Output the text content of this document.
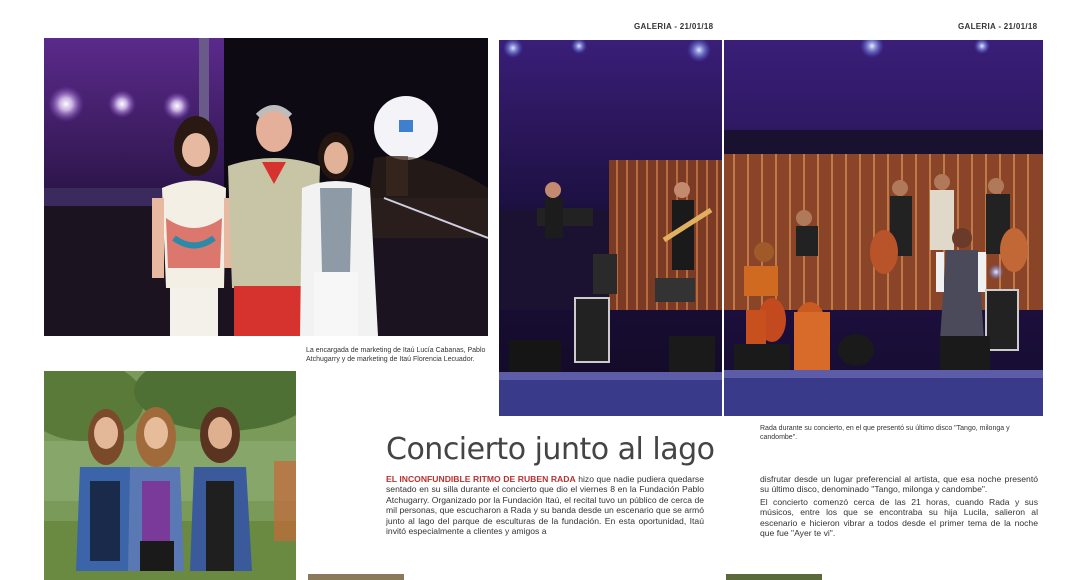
GALERIA - 21/01/18	GALERIA - 21/01/18
La encargada de marketing de Itaú Lucía Cabanas, Pablo Atchugarry y de marketing de Itaú Florencia Lecuador.
Rada durante su concierto, en el que presentó su último disco "Tango, milonga y candombe".
Concierto junto al lago
EL INCONFUNDIBLE RITMO DE RUBEN RADA hizo que nadie pudiera quedarse sentado en su silla durante el concierto que dio el viernes 8 en la Fundación Pablo Atchugarry. Organizado por la Fundación Itaú, el recital tuvo un público de cerca de mil personas, que escucharon a Rada y su banda desde un escenario que se armó junto al lago del parque de esculturas de la fundación. En esta oportunidad, Itaú invitó especialmente a clientes y amigos a
disfrutar desde un lugar preferencial al artista, que esa noche presentó su último disco, denominado "Tango, milonga y candombe".
El concierto comenzó cerca de las 21 horas, cuando Rada y sus músicos, entre los que se encontraba su hija Lucila, salieron al escenario e hicieron vibrar a todos desde el primer tema de la noche que fue "Ayer te vi".
